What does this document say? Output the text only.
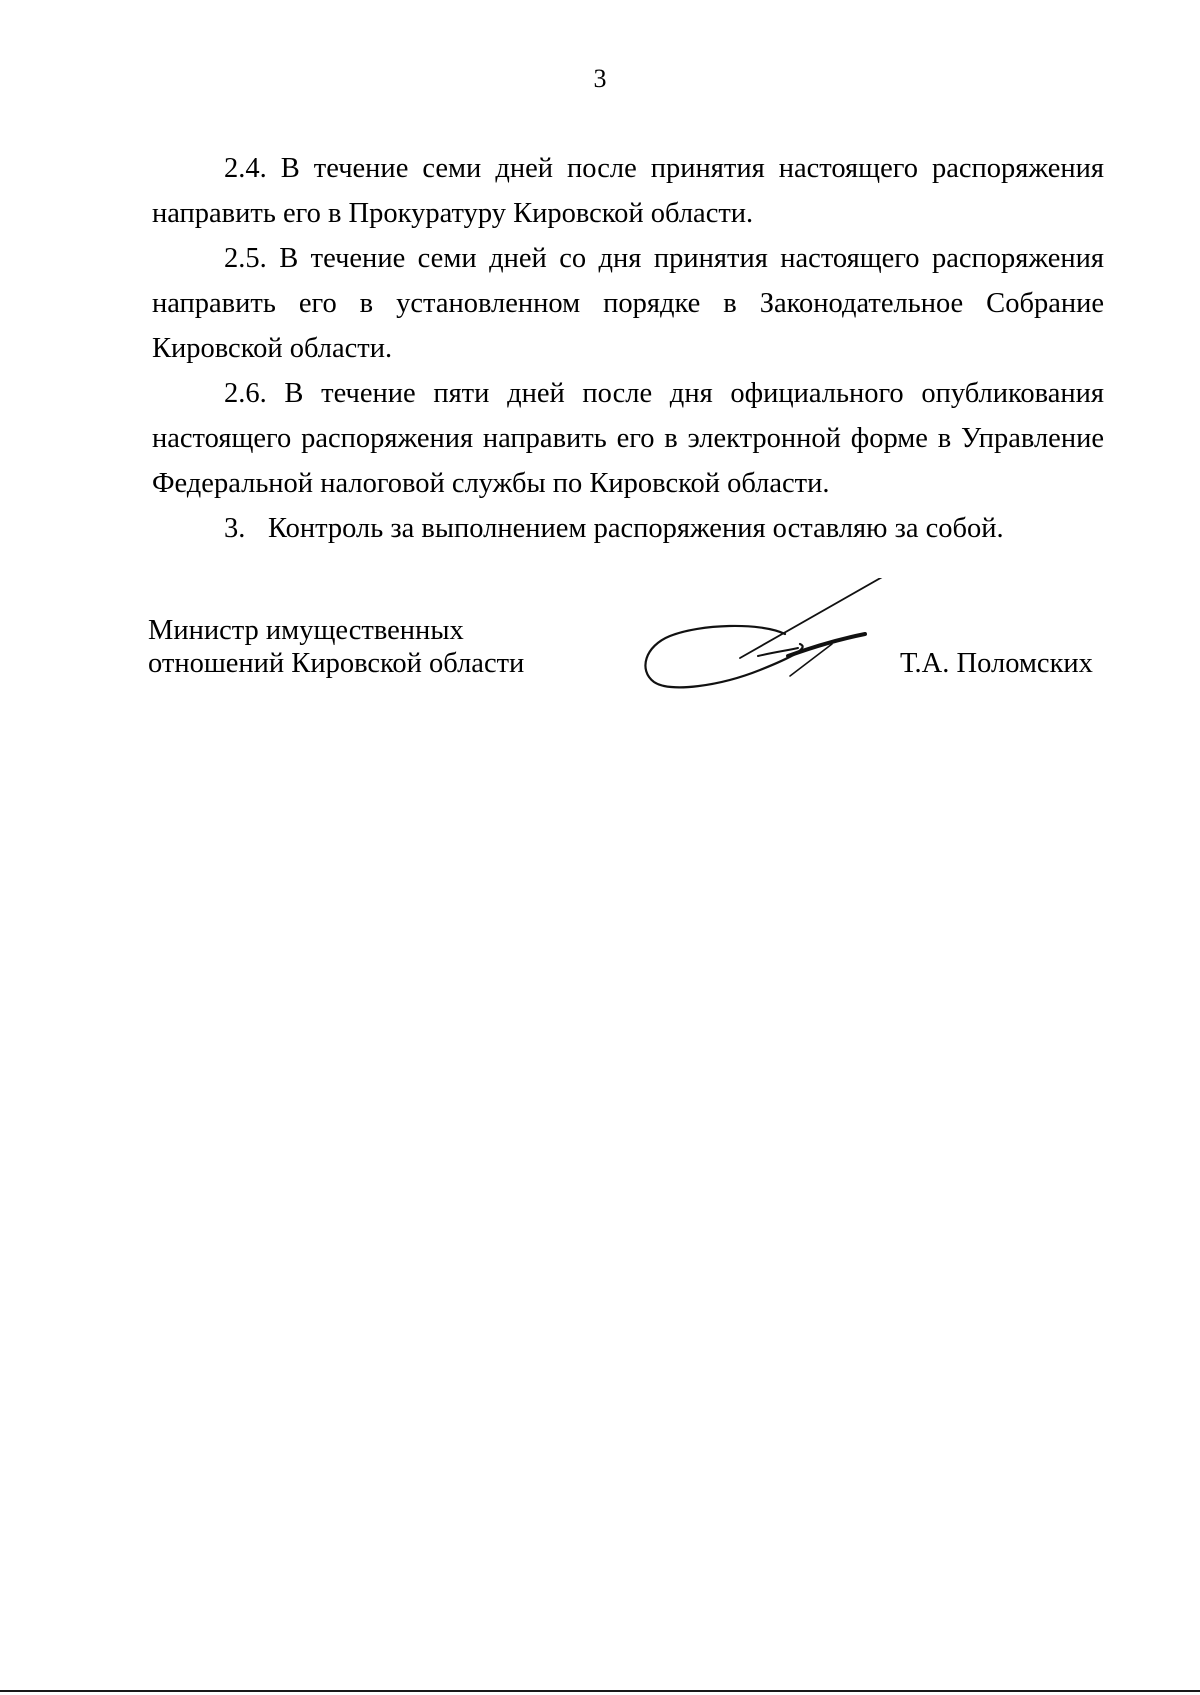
3

2.4. В течение семи дней после принятия настоящего распоряжения направить его в Прокуратуру Кировской области.

2.5. В течение семи дней со дня принятия настоящего распоряжения направить его в установленном порядке в Законодательное Собрание Кировской области.

2.6. В течение пяти дней после дня официального опубликования настоящего распоряжения направить его в электронной форме в Управление Федеральной налоговой службы по Кировской области.

3. Контроль за выполнением распоряжения оставляю за собой.

Министр имущественных
отношений Кировской области	Т.А. Поломских
